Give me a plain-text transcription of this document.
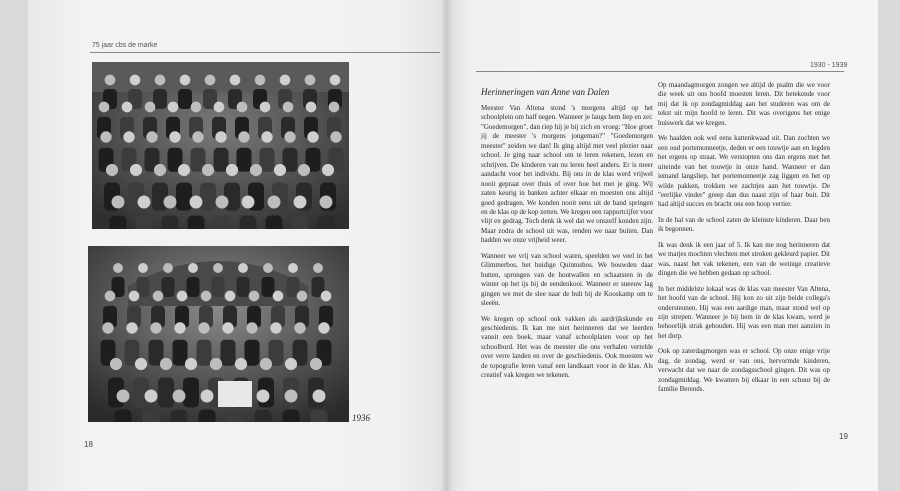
75 jaar cbs de marke
1936
18
1930 - 1939
Herinneringen van Anne van Dalen

Meester Van Altena stond 's morgens altijd op het schoolplein om half negen. Wanneer je langs hem liep en zei: "Goedemorgen", dan riep hij je bij zich en vroeg: "Hoe groet jij de meester 's morgens jongeman?" "Goedemorgen meester" zeiden we dan! Ik ging altijd met veel plezier naar school. Je ging naar school om te leren rekenen, lezen en schrijven. De kinderen van nu leren heel anders. Er is meer aandacht voor het individu. Bij ons in de klas werd vrijwel nooit gepraat over thuis of over hoe het met je ging. Wij zaten keurig in banken achter elkaar en moesten ons altijd goed gedragen. We konden nooit eens uit de band springen en de klas op de kop zetten. We kregen een rapportcijfer voor vlijt en gedrag. Toch denk ik wel dat we onszelf konden zijn. Maar zodra de school uit was, renden we naar buiten. Dan hadden we onze vrijheid weer.

Wanneer we vrij van school waren, speelden we veel in het Glimmerbos, het huidige Quintusbos. We bouwden daar hutten, sprongen van de houtwallen en schaatsten in de winter op het ijs bij de eendenkooi. Wanneer er sneeuw lag gingen we met de slee naar de bult bij de Kooskamp om te sleeën.

We kregen op school ook vakken als aardrijkskunde en geschiedenis. Ik kan me niet herinneren dat we leerden vanuit een boek, maar vanaf schoolplaten voor op het schoolbord. Het was de meester die ons verhalen vertelde over verre landen en over de geschiedenis. Ook moesten we de topografie leren vanaf een landkaart voor in de klas. Als creatief vak kregen we tekenen.

Op maandagmorgen zongen we altijd de psalm die we voor die week uit ons hoofd moesten leren. Dit betekende voor mij dat ik op zondagmiddag aan het studeren was om de tekst uit mijn hoofd te leren. Dit was overigens het enige huiswerk dat we kregen.

We haalden ook wel eens kattenkwaad uit. Dan zochten we een oud portemonneetje, deden er een touwtje aan en legden het ergens op straat. We verstopten ons dan ergens met het uiteinde van het touwtje in onze hand. Wanneer er dan iemand langsliep, het portemonneetje zag liggen en het op wilde pakken, trokken we zachtjes aan het touwtje. De "eerlijke vinder" greep dan dus naast zijn of haar buit. Dit had altijd succes en bracht ons een hoop vertier.

In de hal van de school zaten de kleinste kinderen. Daar ben ik begonnen.

Ik was denk ik een jaar of 5. Ik kan me nog herinneren dat we matjes mochten vlechten met stroken gekleurd papier. Dit was, naast het vak tekenen, een van de weinige creatieve dingen die we hebben gedaan op school.

In het middelste lokaal was de klas van meester Van Altena, het hoofd van de school. Hij kon zo uit zijn beide collega's ondersteunen. Hij was een aardige man, maar stond wel op zijn strepen. Wanneer je bij hem in de klas kwam, werd je behoorlijk strak gehouden. Hij was een man met aanzien in het dorp.

Ook op zaterdagmorgen was er school. Op onze enige vrije dag, de zondag, werd er van ons, hervormde kinderen, verwacht dat we naar de zondagsschool gingen. Dit was op zondagmiddag. We kwamen bij elkaar in een schuur bij de familie Berends.

19
